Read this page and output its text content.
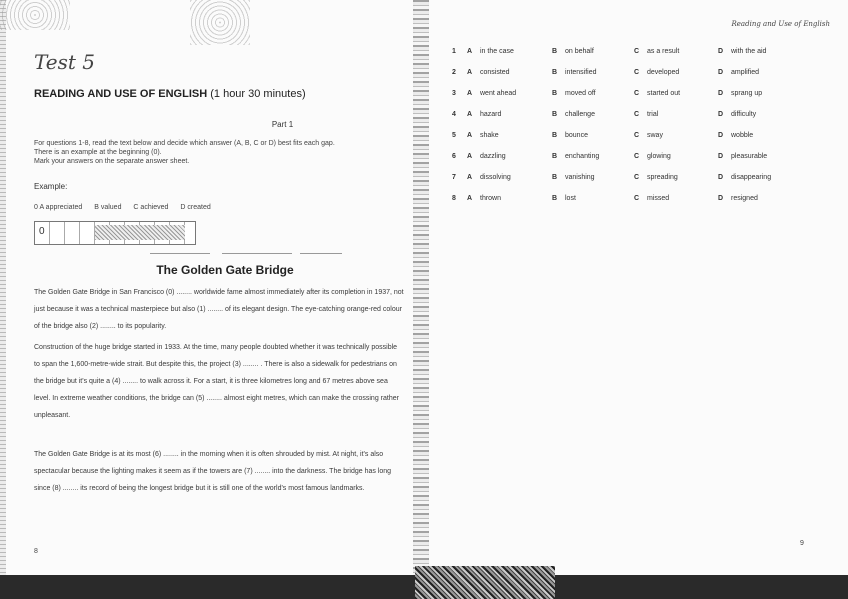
Test 5
READING AND USE OF ENGLISH (1 hour 30 minutes)
Part 1
For questions 1-8, read the text below and decide which answer (A, B, C or D) best fits each gap.
There is an example at the beginning (0).
Mark your answers on the separate answer sheet.
Example:
0 A appreciated B valued C achieved D created
0
The Golden Gate Bridge
The Golden Gate Bridge in San Francisco (0) ........ worldwide fame almost immediately after its completion in 1937, not just because it was a technical masterpiece but also (1) ........ of its elegant design. The eye-catching orange-red colour of the bridge also (2) ........ to its popularity.
Construction of the huge bridge started in 1933. At the time, many people doubted whether it was technically possible to span the 1,600-metre-wide strait. But despite this, the project (3) ........ . There is also a sidewalk for pedestrians on the bridge but it's quite a (4) ........ to walk across it. For a start, it is three kilometres long and 67 metres above sea level. In extreme weather conditions, the bridge can (5) ........ almost eight metres, which can make the crossing rather unpleasant.
The Golden Gate Bridge is at its most (6) ........ in the morning when it is often shrouded by mist. At night, it's also spectacular because the lighting makes it seem as if the towers are (7) ........ into the darkness. The bridge has long since (8) ........ its record of being the longest bridge but it is still one of the world's most famous landmarks.
8
Reading and Use of English
9
1 A in the case	B on behalf	C as a result	D with the aid
2 A consisted	B intensified	C developed	D amplified
3 A went ahead	B moved off	C started out	D sprang up
4 A hazard	B challenge	C trial	D difficulty
5 A shake	B bounce	C sway	D wobble
6 A dazzling	B enchanting	C glowing	D pleasurable
7 A dissolving	B vanishing	C spreading	D disappearing
8 A thrown	B lost	C missed	D resigned
